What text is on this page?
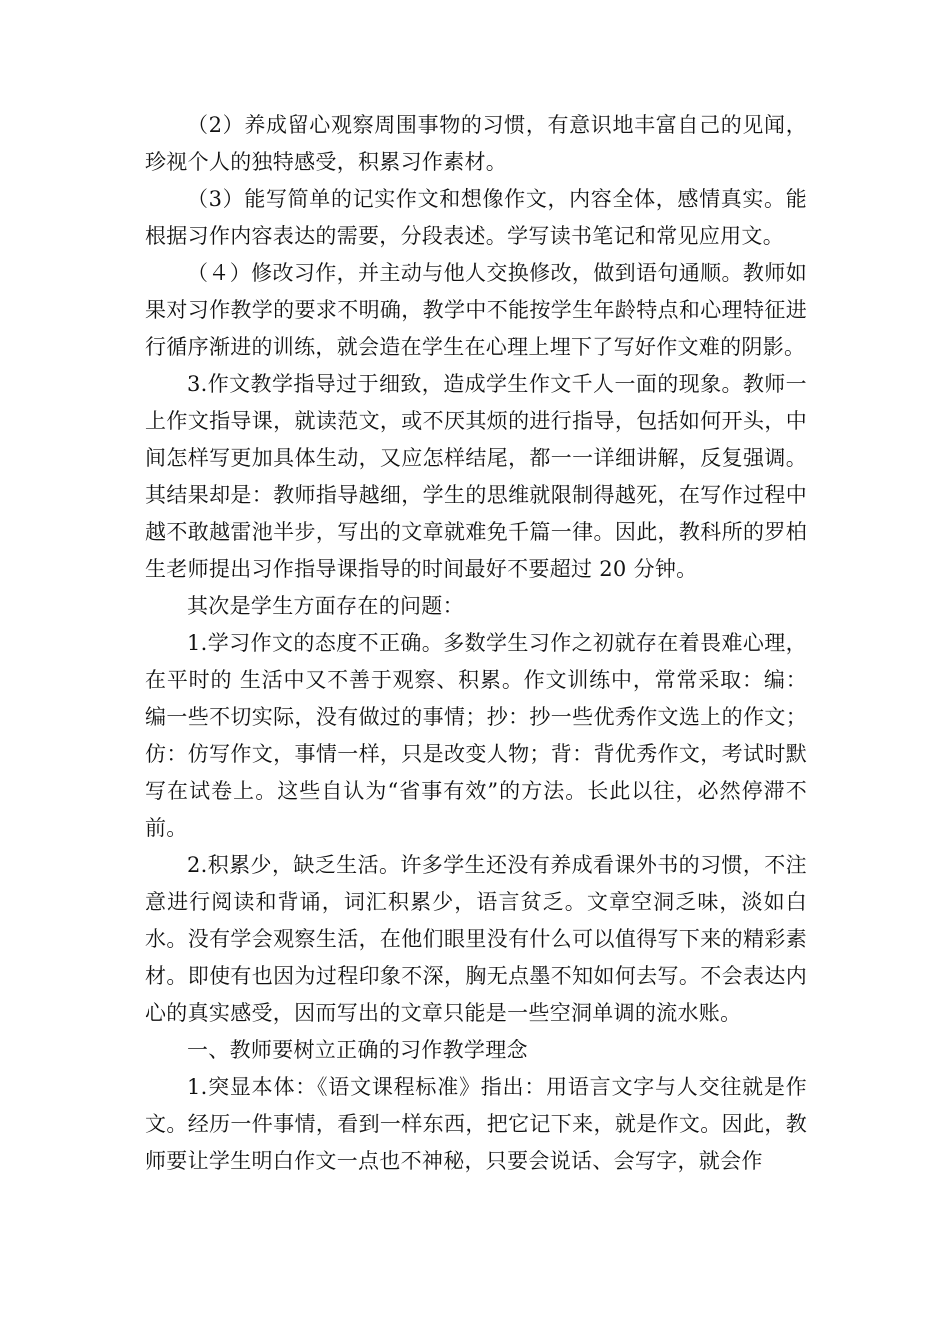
（2）养成留心观察周围事物的习惯，有意识地丰富自己的见闻，珍视个人的独特感受，积累习作素材。

（3）能写简单的记实作文和想像作文，内容全体，感情真实。能根据习作内容表达的需要，分段表述。学写读书笔记和常见应用文。

（４）修改习作，并主动与他人交换修改，做到语句通顺。教师如果对习作教学的要求不明确，教学中不能按学生年龄特点和心理特征进行循序渐进的训练，就会造在学生在心理上埋下了写好作文难的阴影。

3.作文教学指导过于细致，造成学生作文千人一面的现象。教师一上作文指导课，就读范文，或不厌其烦的进行指导，包括如何开头，中间怎样写更加具体生动，又应怎样结尾，都一一详细讲解，反复强调。其结果却是：教师指导越细，学生的思维就限制得越死，在写作过程中越不敢越雷池半步，写出的文章就难免千篇一律。因此，教科所的罗柏生老师提出习作指导课指导的时间最好不要超过 20 分钟。

其次是学生方面存在的问题：

1.学习作文的态度不正确。多数学生习作之初就存在着畏难心理，在平时的 生活中又不善于观察、积累。作文训练中，常常采取：编：编一些不切实际，没有做过的事情；抄：抄一些优秀作文选上的作文；仿：仿写作文，事情一样，只是改变人物；背：背优秀作文，考试时默写在试卷上。这些自认为“省事有效”的方法。长此以往，必然停滞不前。

2.积累少，缺乏生活。许多学生还没有养成看课外书的习惯，不注意进行阅读和背诵，词汇积累少，语言贫乏。文章空洞乏味，淡如白水。没有学会观察生活，在他们眼里没有什么可以值得写下来的精彩素材。即使有也因为过程印象不深，胸无点墨不知如何去写。不会表达内心的真实感受，因而写出的文章只能是一些空洞单调的流水账。

一、教师要树立正确的习作教学理念

1.突显本体：《语文课程标准》指出：用语言文字与人交往就是作文。经历一件事情，看到一样东西，把它记下来，就是作文。因此，教师要让学生明白作文一点也不神秘，只要会说话、会写字，就会作
